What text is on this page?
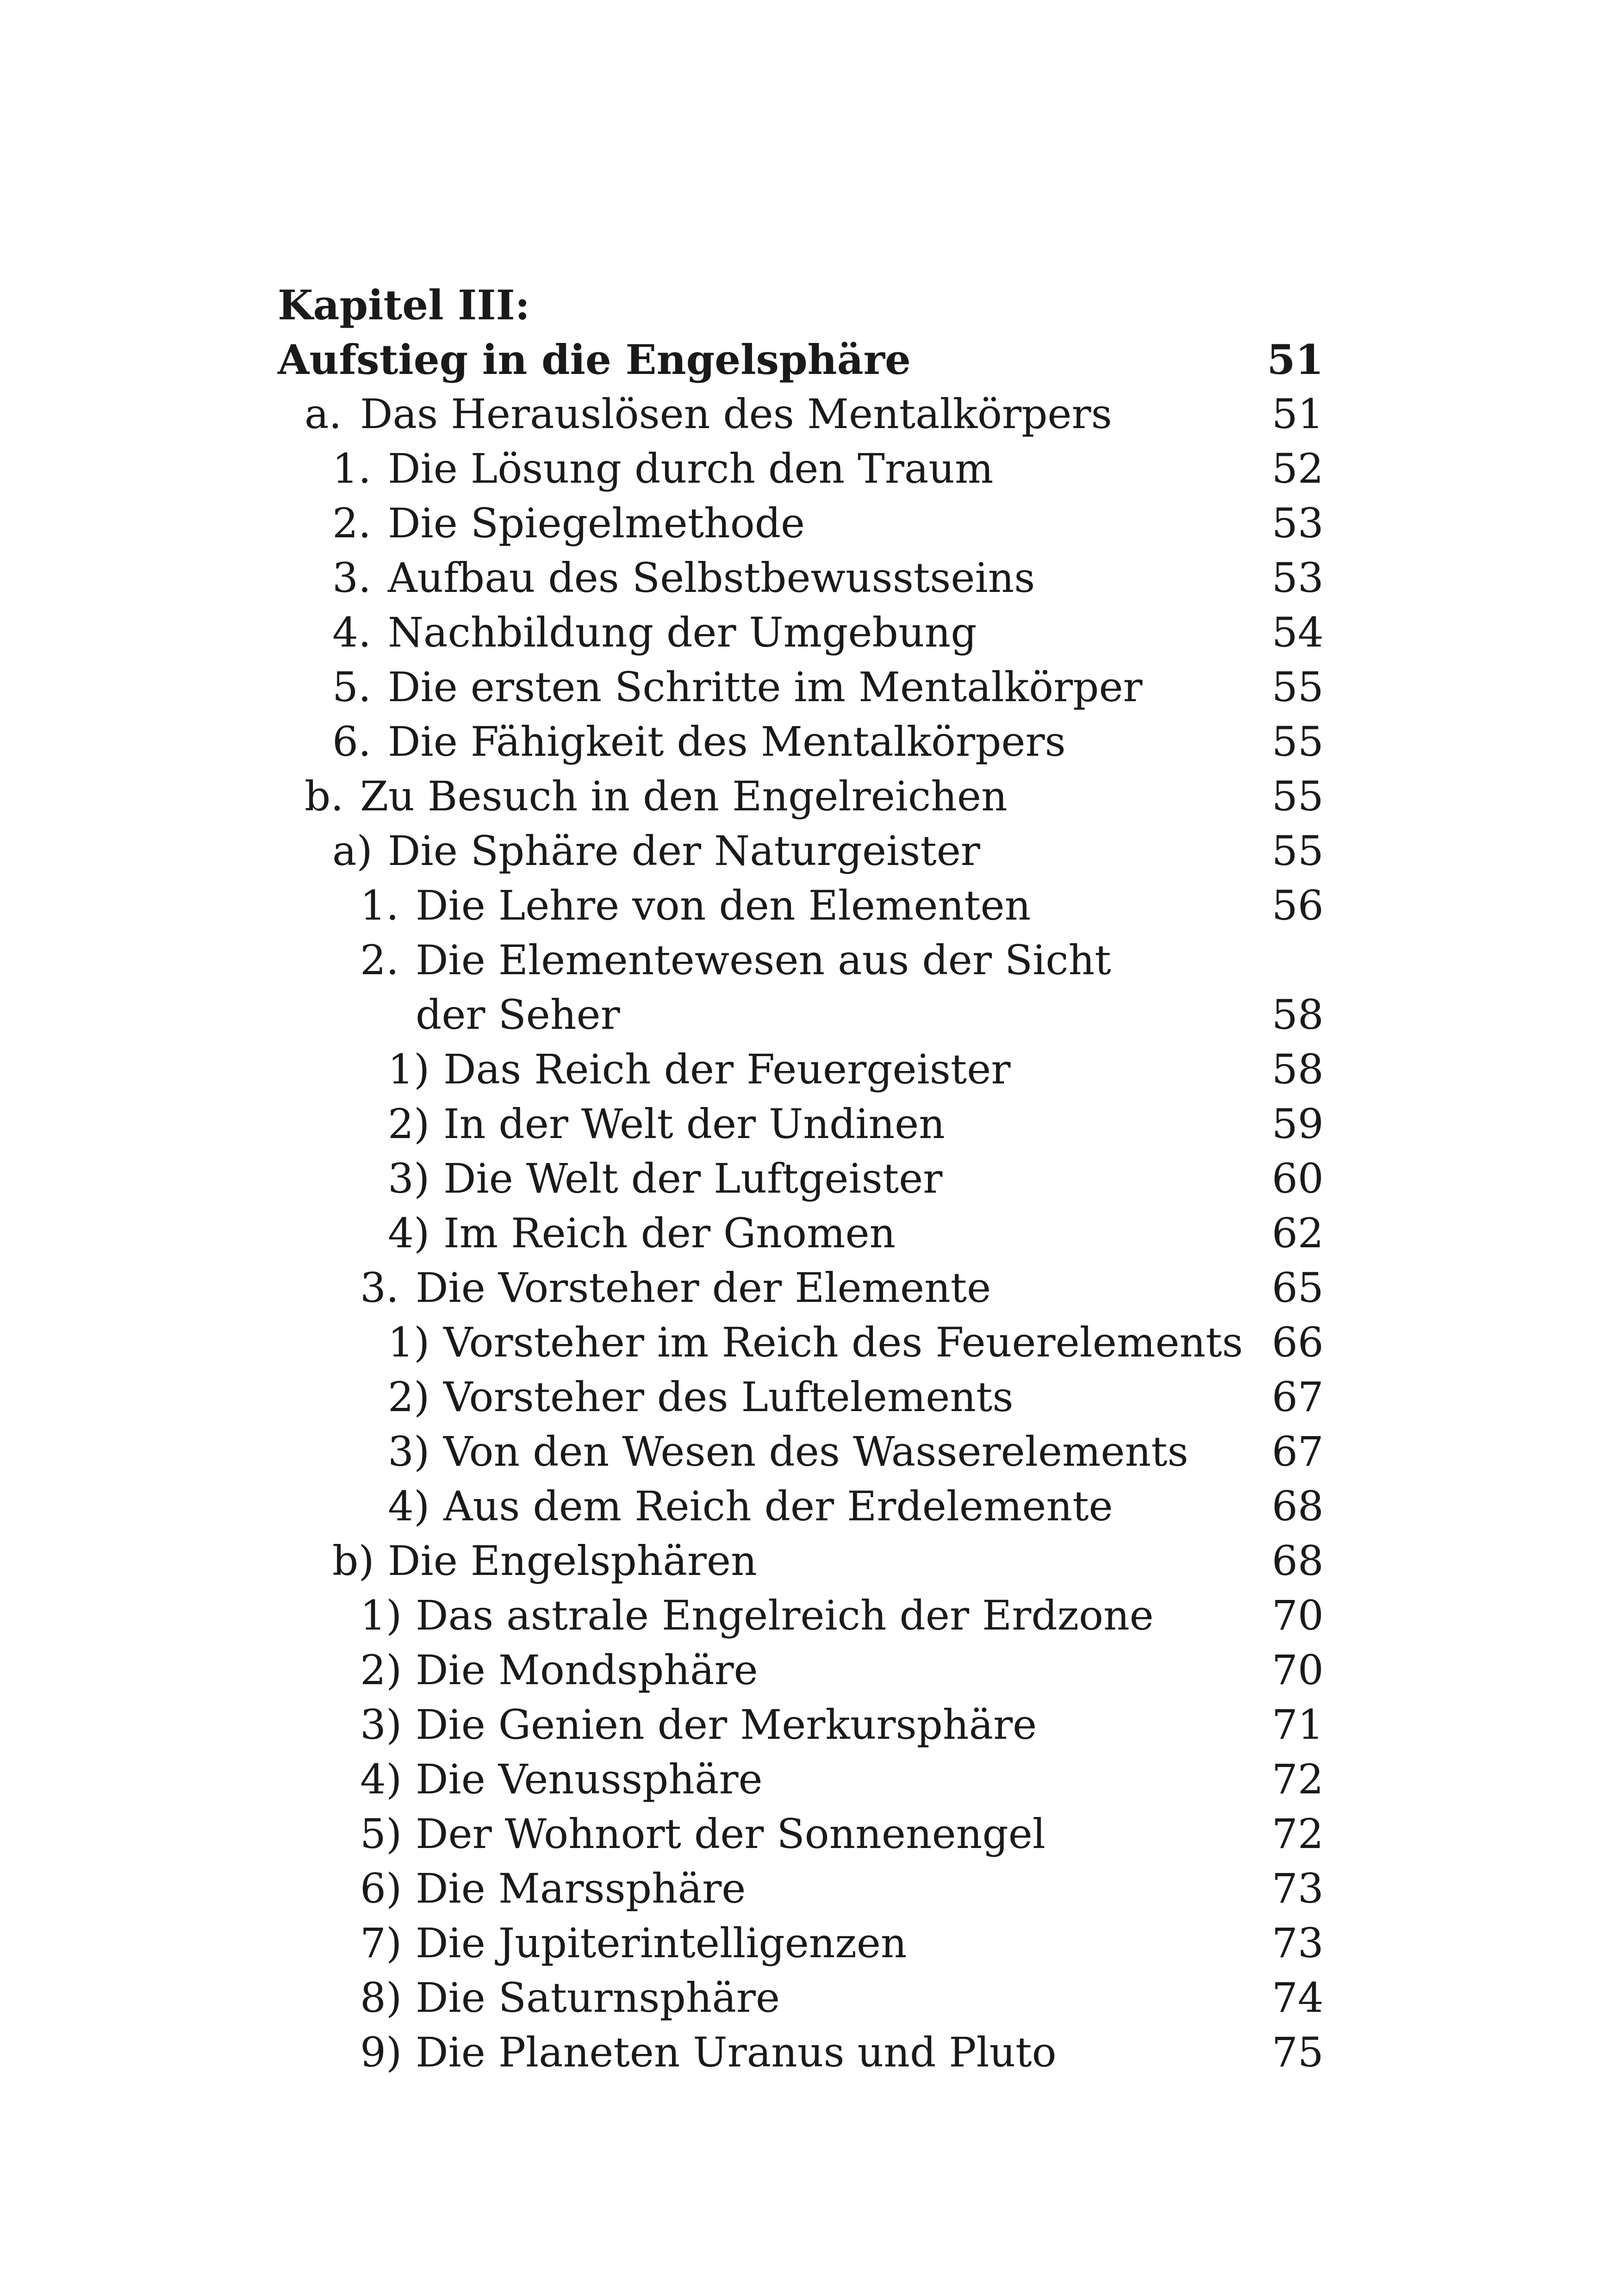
Kapitel III:
Aufstieg in die Engelsphäre	51
a. Das Herauslösen des Mentalkörpers	51
1. Die Lösung durch den Traum	52
2. Die Spiegelmethode	53
3. Aufbau des Selbstbewusstseins	53
4. Nachbildung der Umgebung	54
5. Die ersten Schritte im Mentalkörper	55
6. Die Fähigkeit des Mentalkörpers	55
b. Zu Besuch in den Engelreichen	55
a) Die Sphäre der Naturgeister	55
1. Die Lehre von den Elementen	56
2. Die Elementewesen aus der Sicht
der Seher	58
1) Das Reich der Feuergeister	58
2) In der Welt der Undinen	59
3) Die Welt der Luftgeister	60
4) Im Reich der Gnomen	62
3. Die Vorsteher der Elemente	65
1) Vorsteher im Reich des Feuerelements 66
2) Vorsteher des Luftelements	67
3) Von den Wesen des Wasserelements 67
4) Aus dem Reich der Erdelemente	68
b) Die Engelsphären	68
1) Das astrale Engelreich der Erdzone	70
2) Die Mondsphäre	70
3) Die Genien der Merkursphäre	71
4) Die Venussphäre	72
5) Der Wohnort der Sonnenengel	72
6) Die Marssphäre	73
7) Die Jupiterintelligenzen	73
8) Die Saturnsphäre	74
9) Die Planeten Uranus und Pluto	75
